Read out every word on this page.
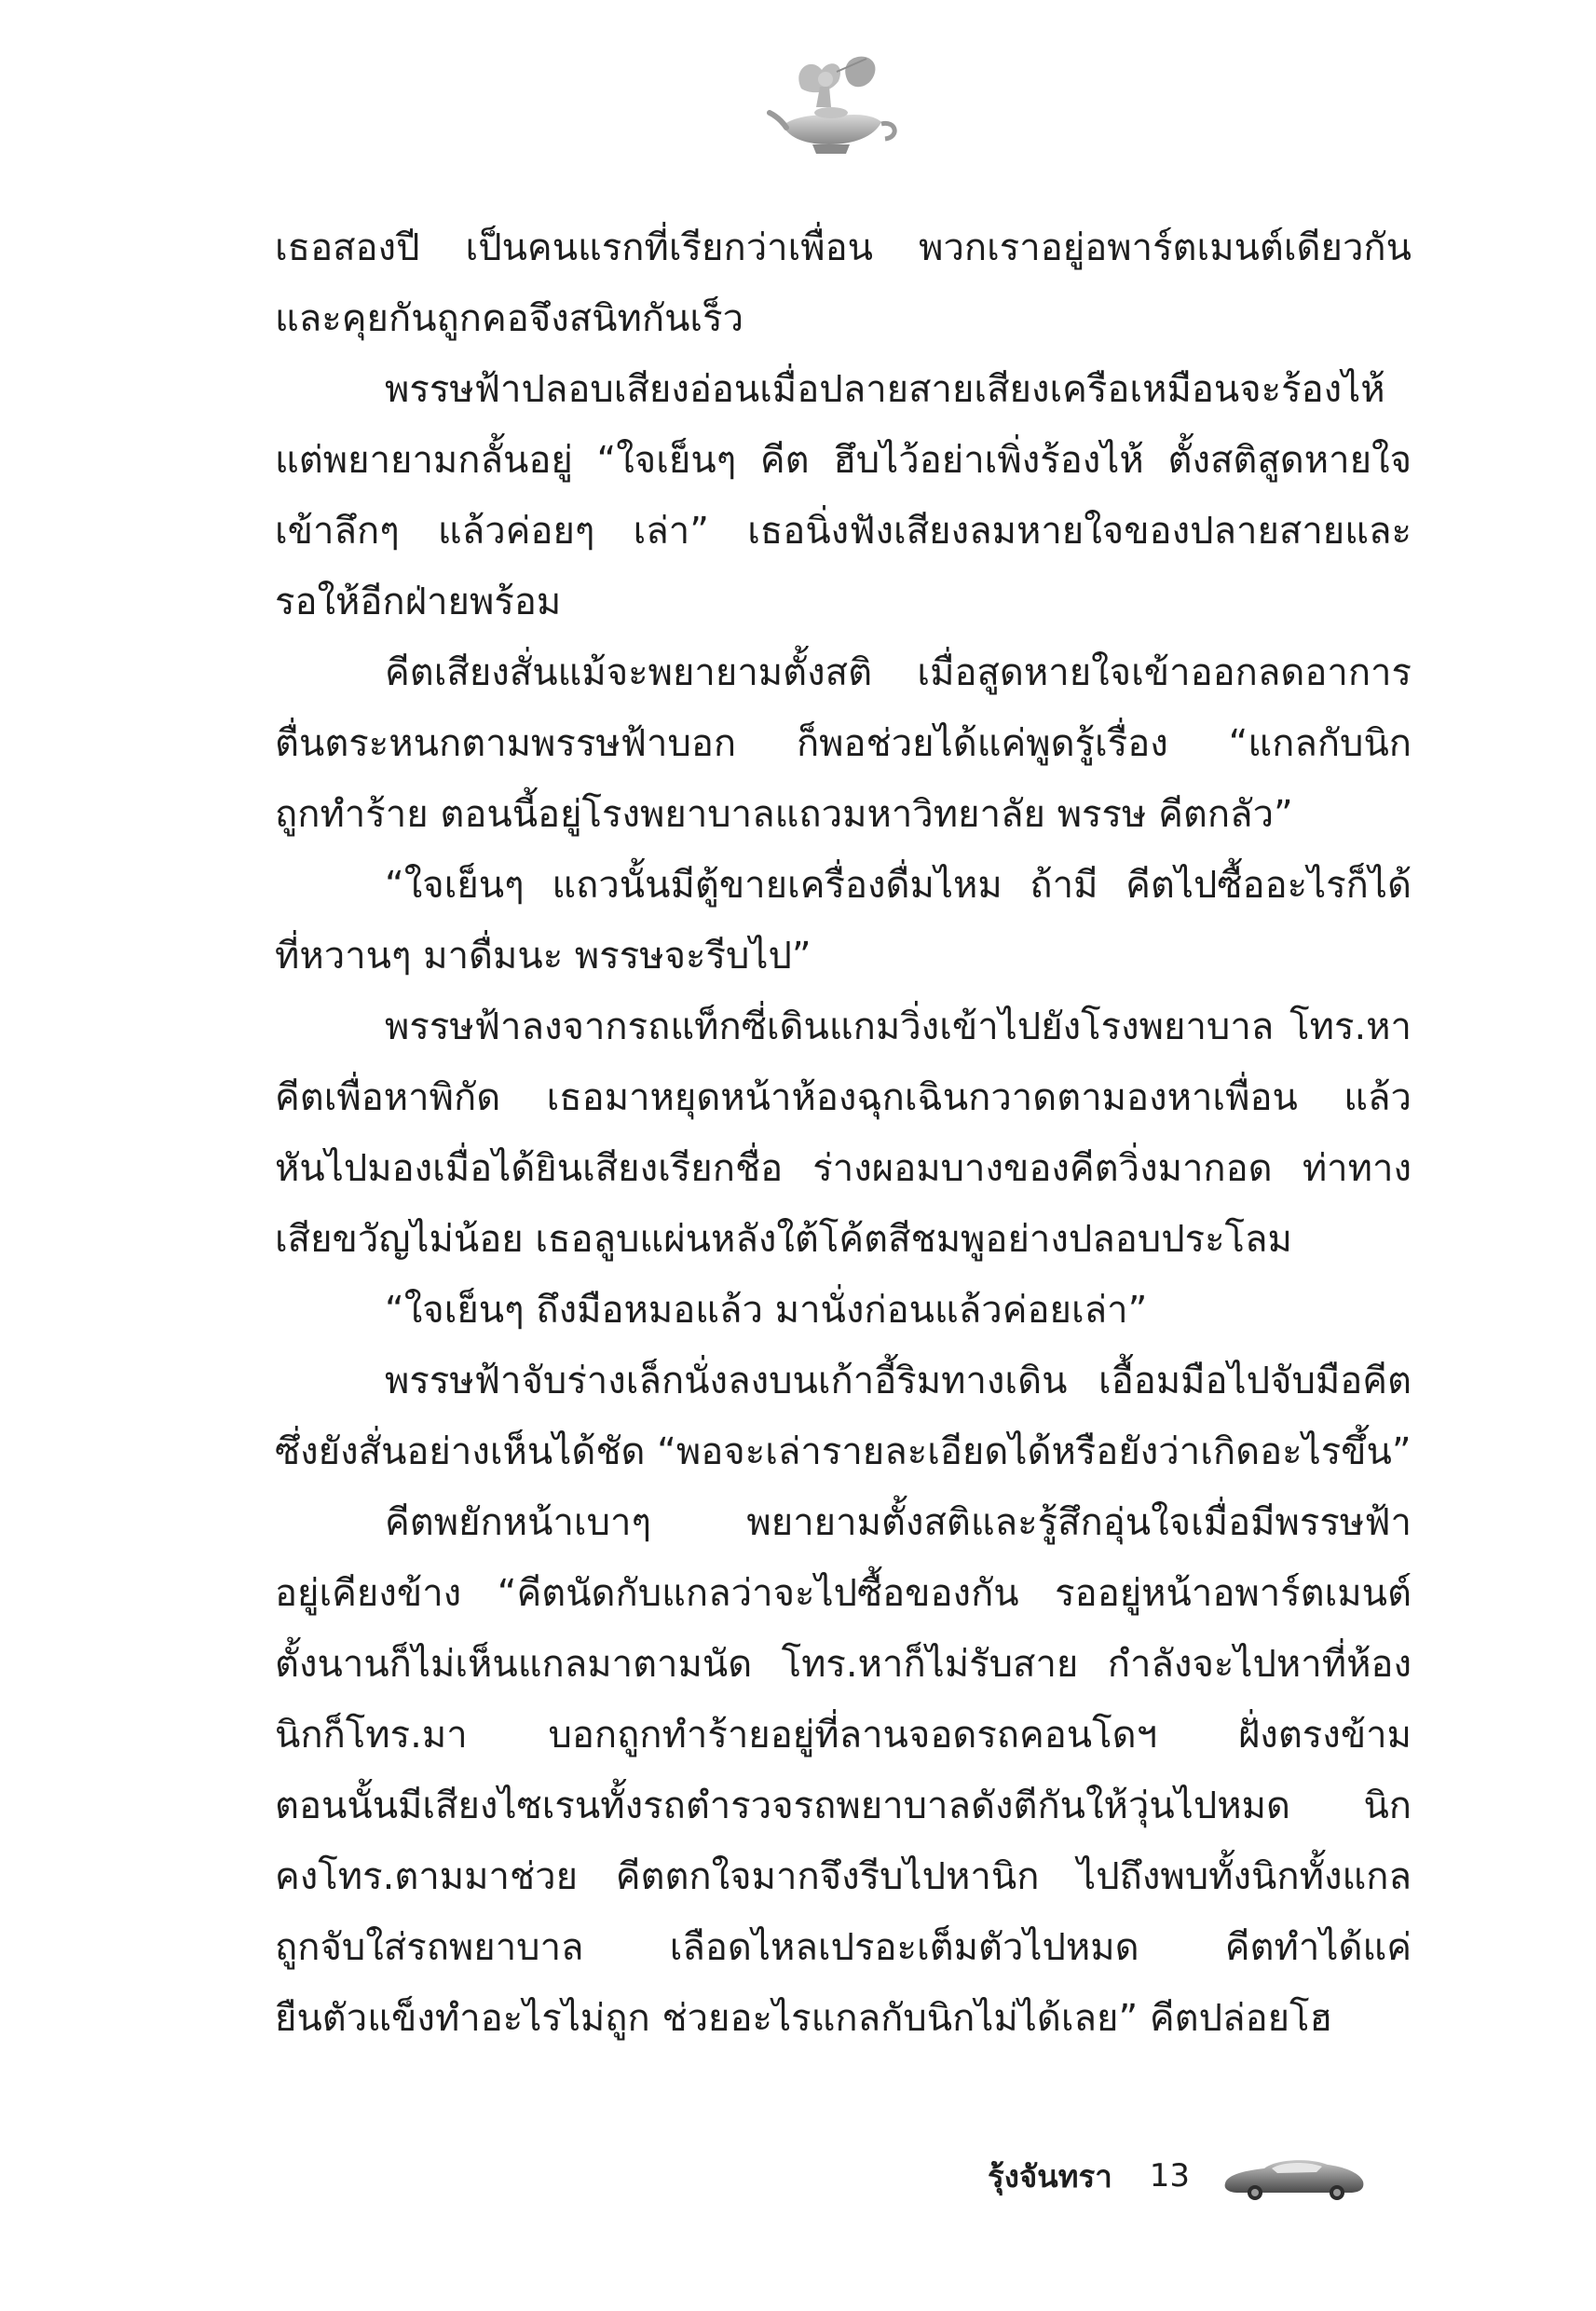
เธอสองปี เป็นคนแรกที่เรียกว่าเพื่อน พวกเราอยู่อพาร์ตเมนต์เดียวกัน
และคุยกันถูกคอจึงสนิทกันเร็ว
พรรษฟ้าปลอบเสียงอ่อนเมื่อปลายสายเสียงเครือเหมือนจะร้องไห้
แต่พยายามกลั้นอยู่ “ใจเย็นๆ คีต ฮึบไว้อย่าเพิ่งร้องไห้ ตั้งสติสูดหายใจ
เข้าลึกๆ แล้วค่อยๆ เล่า” เธอนิ่งฟังเสียงลมหายใจของปลายสายและ
รอให้อีกฝ่ายพร้อม
คีตเสียงสั่นแม้จะพยายามตั้งสติ เมื่อสูดหายใจเข้าออกลดอาการ
ตื่นตระหนกตามพรรษฟ้าบอก ก็พอช่วยได้แค่พูดรู้เรื่อง “แกลกับนิก
ถูกทำร้าย ตอนนี้อยู่โรงพยาบาลแถวมหาวิทยาลัย พรรษ คีตกลัว”
“ใจเย็นๆ แถวนั้นมีตู้ขายเครื่องดื่มไหม ถ้ามี คีตไปซื้ออะไรก็ได้
ที่หวานๆ มาดื่มนะ พรรษจะรีบไป”
พรรษฟ้าลงจากรถแท็กซี่เดินแกมวิ่งเข้าไปยังโรงพยาบาล โทร.หา
คีตเพื่อหาพิกัด เธอมาหยุดหน้าห้องฉุกเฉินกวาดตามองหาเพื่อน แล้ว
หันไปมองเมื่อได้ยินเสียงเรียกชื่อ ร่างผอมบางของคีตวิ่งมากอด ท่าทาง
เสียขวัญไม่น้อย เธอลูบแผ่นหลังใต้โค้ตสีชมพูอย่างปลอบประโลม
“ใจเย็นๆ ถึงมือหมอแล้ว มานั่งก่อนแล้วค่อยเล่า”
พรรษฟ้าจับร่างเล็กนั่งลงบนเก้าอี้ริมทางเดิน เอื้อมมือไปจับมือคีต
ซึ่งยังสั่นอย่างเห็นได้ชัด “พอจะเล่ารายละเอียดได้หรือยังว่าเกิดอะไรขึ้น”
คีตพยักหน้าเบาๆ พยายามตั้งสติและรู้สึกอุ่นใจเมื่อมีพรรษฟ้า
อยู่เคียงข้าง “คีตนัดกับแกลว่าจะไปซื้อของกัน รออยู่หน้าอพาร์ตเมนต์
ตั้งนานก็ไม่เห็นแกลมาตามนัด โทร.หาก็ไม่รับสาย กำลังจะไปหาที่ห้อง
นิกก็โทร.มา บอกถูกทำร้ายอยู่ที่ลานจอดรถคอนโดฯ ฝั่งตรงข้าม
ตอนนั้นมีเสียงไซเรนทั้งรถตำรวจรถพยาบาลดังตีกันให้วุ่นไปหมด นิก
คงโทร.ตามมาช่วย คีตตกใจมากจึงรีบไปหานิก ไปถึงพบทั้งนิกทั้งแกล
ถูกจับใส่รถพยาบาล เลือดไหลเปรอะเต็มตัวไปหมด คีตทำได้แค่
ยืนตัวแข็งทำอะไรไม่ถูก ช่วยอะไรแกลกับนิกไม่ได้เลย” คีตปล่อยโฮ
รุ้งจันทรา 13
